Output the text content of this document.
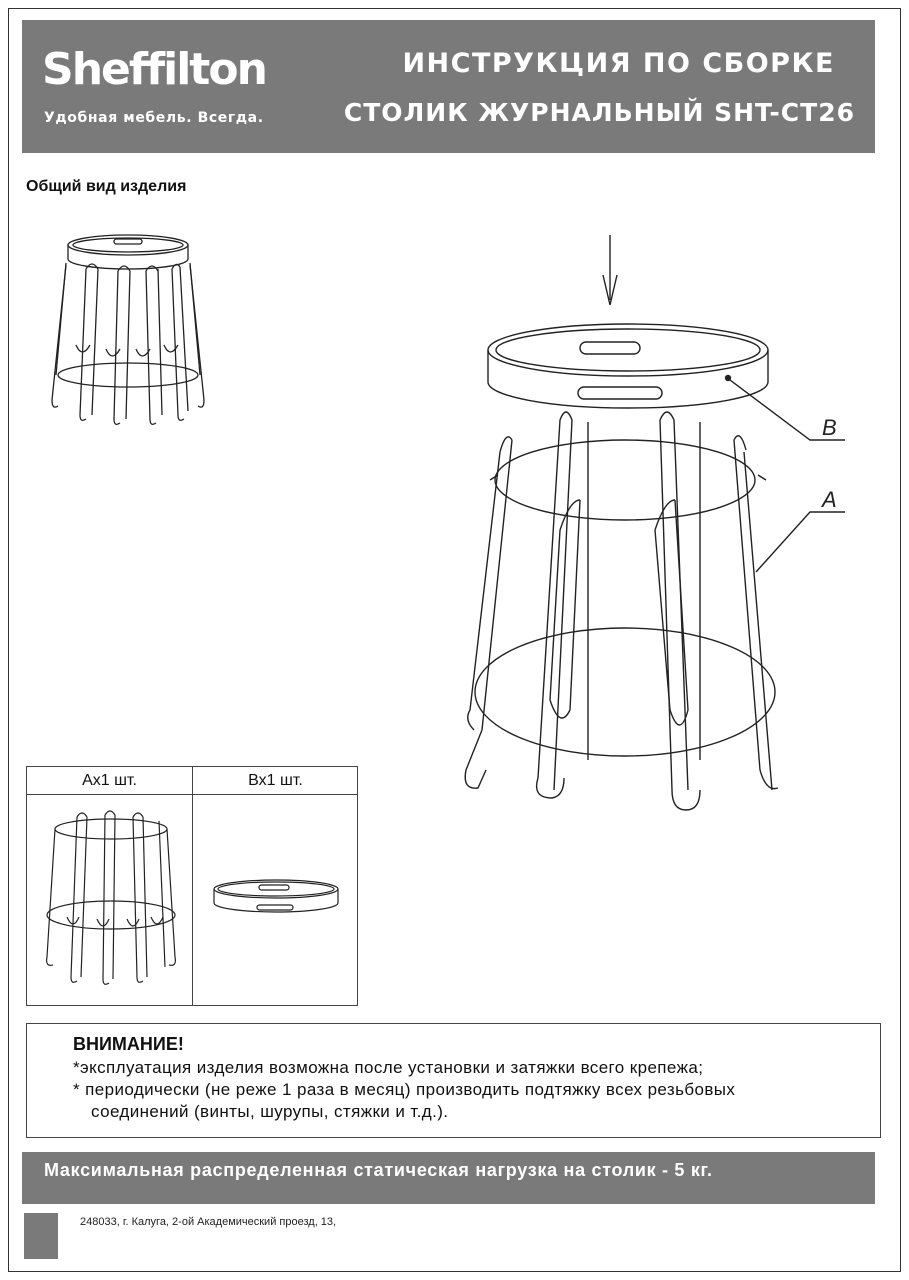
Sheffilton
Удобная мебель. Всегда.
ИНСТРУКЦИЯ ПО СБОРКЕ
СТОЛИК ЖУРНАЛЬНЫЙ SHT-CT26
Общий вид изделия
B
A
Ах1 шт.	Вх1 шт.
ВНИМАНИЕ!
*эксплуатация изделия возможна после установки и затяжки всего крепежа;
* периодически (не реже 1 раза в месяц) производить подтяжку всех резьбовых
соединений (винты, шурупы, стяжки и т.д.).
Максимальная распределенная статическая нагрузка на столик - 5 кг.
248033, г. Калуга, 2-ой Академический проезд, 13,
